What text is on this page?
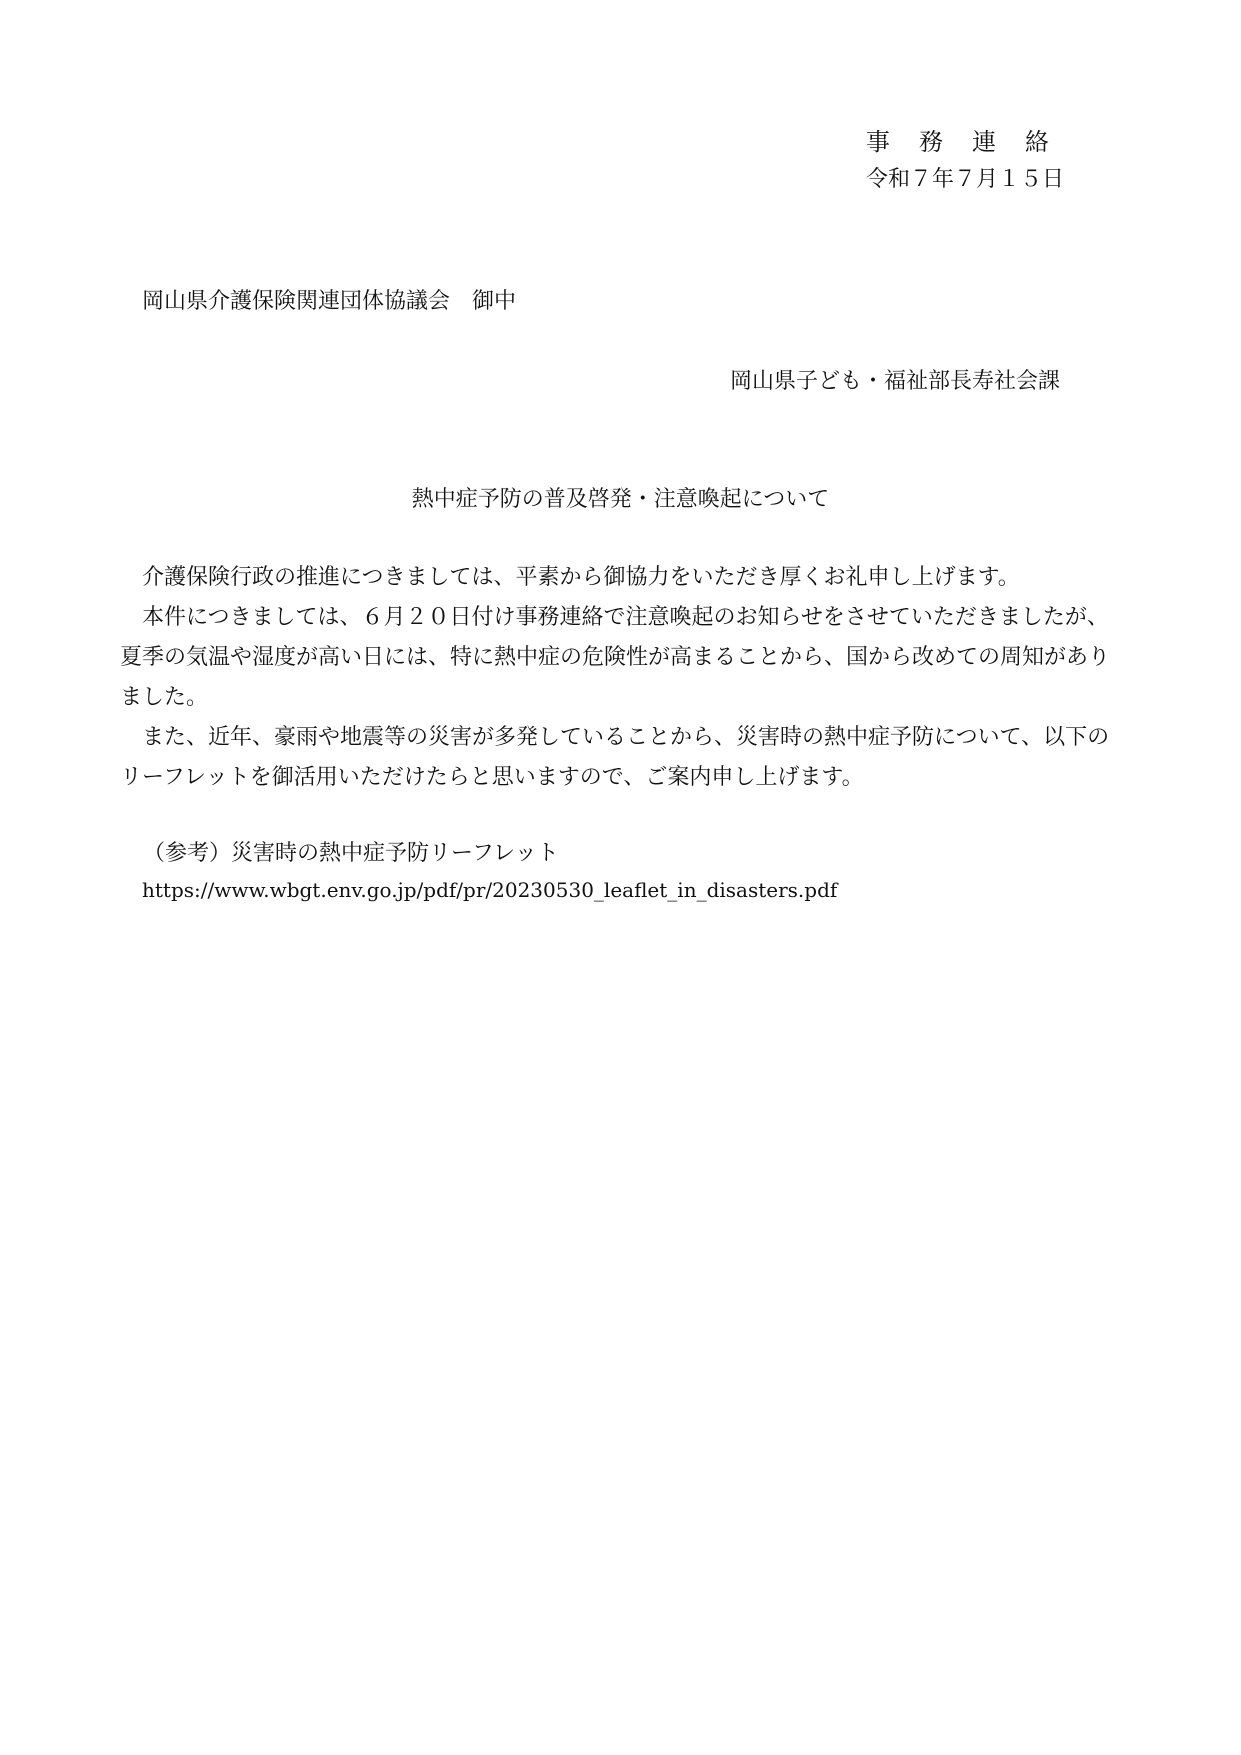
事務連絡
令和７年７月１５日
岡山県介護保険関連団体協議会　御中
岡山県子ども・福祉部長寿社会課
熱中症予防の普及啓発・注意喚起について

介護保険行政の推進につきましては、平素から御協力をいただき厚くお礼申し上げます。

本件につきましては、６月２０日付け事務連絡で注意喚起のお知らせをさせていただきましたが、夏季の気温や湿度が高い日には、特に熱中症の危険性が高まることから、国から改めての周知がありました。

また、近年、豪雨や地震等の災害が多発していることから、災害時の熱中症予防について、以下のリーフレットを御活用いただけたらと思いますので、ご案内申し上げます。

（参考）災害時の熱中症予防リーフレット
https://www.wbgt.env.go.jp/pdf/pr/20230530_leaflet_in_disasters.pdf
